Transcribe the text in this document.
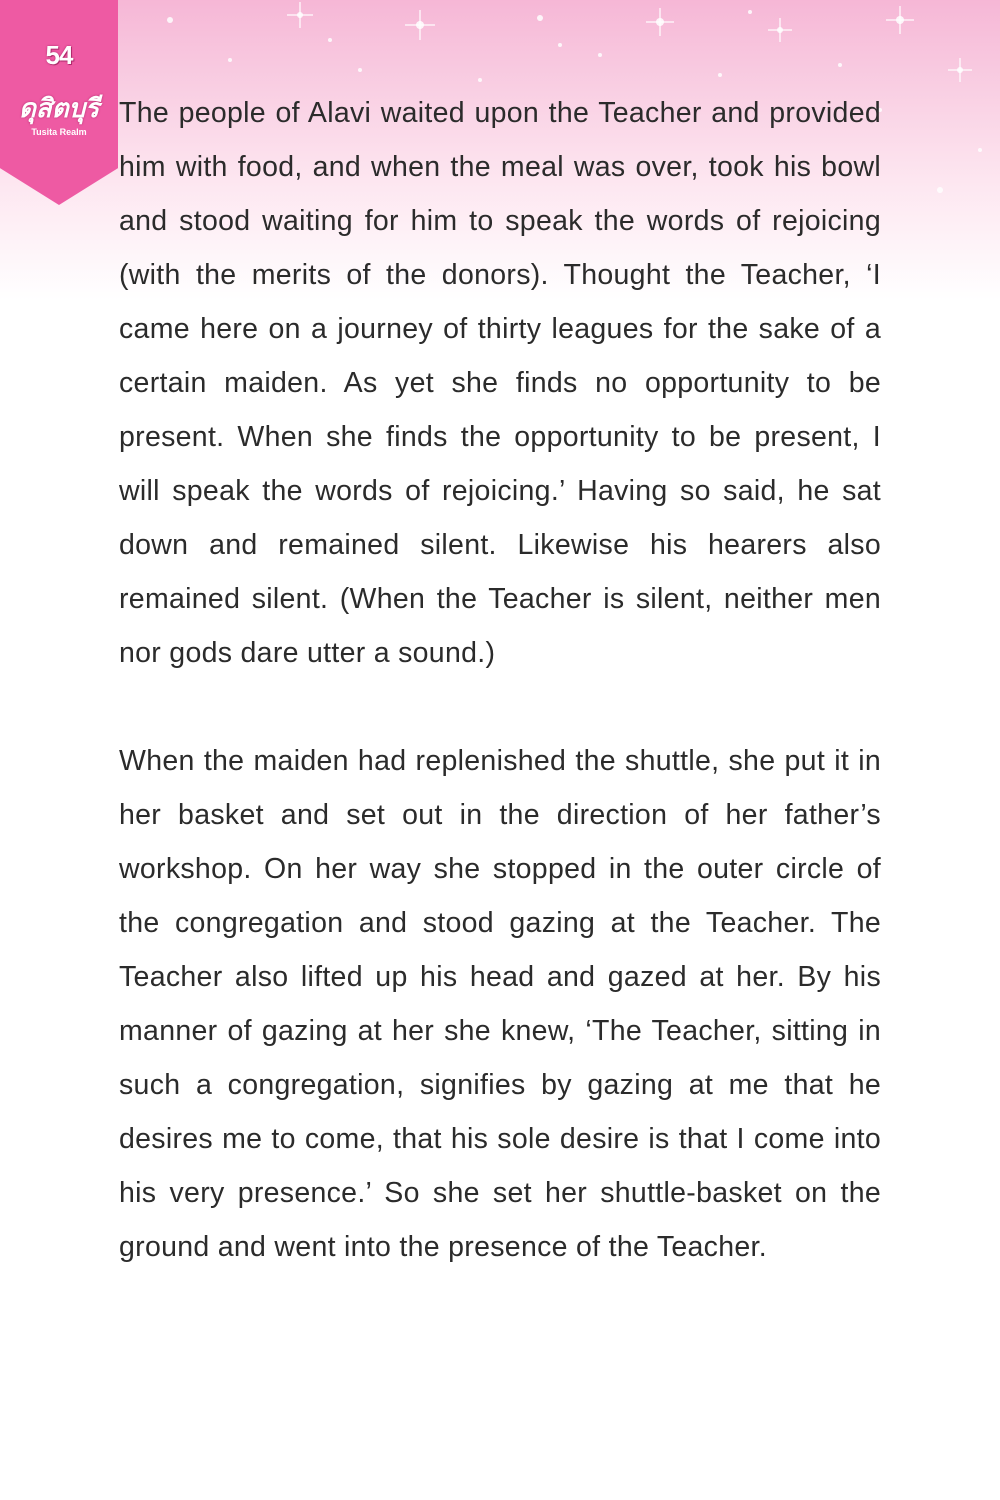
54
ดุสิตบุรี
Tusita Realm

The people of Alavi waited upon the Teacher and provided him with food, and when the meal was over, took his bowl and stood waiting for him to speak the words of rejoicing (with the merits of the donors). Thought the Teacher, ‘I came here on a journey of thirty leagues for the sake of a certain maiden. As yet she finds no opportunity to be present. When she finds the opportunity to be present, I will speak the words of rejoicing.’ Having so said, he sat down and remained silent. Likewise his hearers also remained silent. (When the Teacher is silent, neither men nor gods dare utter a sound.)

When the maiden had replenished the shuttle, she put it in her basket and set out in the direction of her father’s workshop. On her way she stopped in the outer circle of the congregation and stood gazing at the Teacher. The Teacher also lifted up his head and gazed at her. By his manner of gazing at her she knew, ‘The Teacher, sitting in such a congregation, signifies by gazing at me that he desires me to come, that his sole desire is that I come into his very presence.’ So she set her shuttle-basket on the ground and went into the presence of the Teacher.
